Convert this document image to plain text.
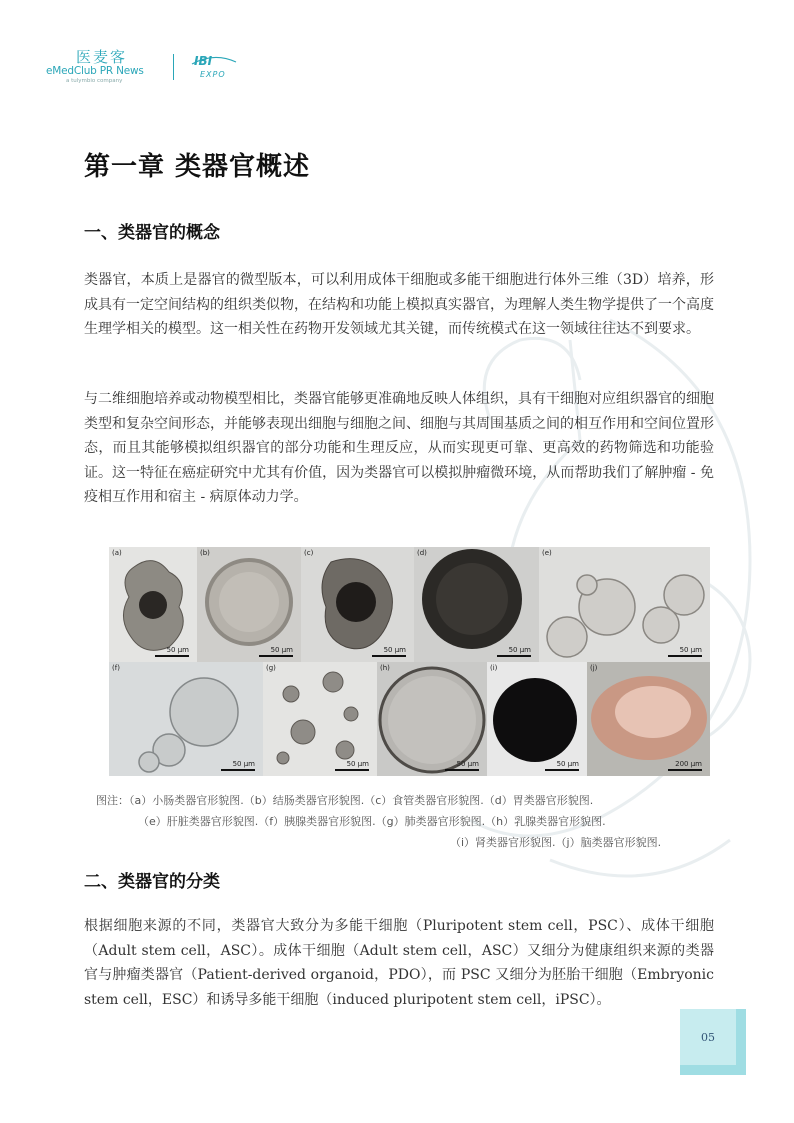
医麦客
eMedClub PR News
a tulymbio company
IBI
EXPO
第一章 类器官概述
一、类器官的概念

类器官，本质上是器官的微型版本，可以利用成体干细胞或多能干细胞进行体外三维（3D）培养，形成具有一定空间结构的组织类似物，在结构和功能上模拟真实器官，为理解人类生物学提供了一个高度生理学相关的模型。这一相关性在药物开发领域尤其关键，而传统模式在这一领域往往达不到要求。

与二维细胞培养或动物模型相比，类器官能够更准确地反映人体组织，具有干细胞对应组织器官的细胞类型和复杂空间形态，并能够表现出细胞与细胞之间、细胞与其周围基质之间的相互作用和空间位置形态，而且其能够模拟组织器官的部分功能和生理反应，从而实现更可靠、更高效的药物筛选和功能验证。这一特征在癌症研究中尤其有价值，因为类器官可以模拟肿瘤微环境，从而帮助我们了解肿瘤 - 免疫相互作用和宿主 - 病原体动力学。

(a)
50 μm
(b)
50 μm
(c)
50 μm
(d)
50 μm
(e)
50 μm
(f)
50 μm
(g)
50 μm
(h)
50 μm
(i)
50 μm
(j)
200 μm
图注：（a）小肠类器官形貌图.（b）结肠类器官形貌图.（c）食管类器官形貌图.（d）胃类器官形貌图.
（e）肝脏类器官形貌图.（f）胰腺类器官形貌图.（g）肺类器官形貌图.（h）乳腺类器官形貌图.
（i）肾类器官形貌图.（j）脑类器官形貌图.
二、类器官的分类

根据细胞来源的不同，类器官大致分为多能干细胞（Pluripotent stem cell，PSC）、成体干细胞（Adult stem cell，ASC）。成体干细胞（Adult stem cell，ASC）又细分为健康组织来源的类器官与肿瘤类器官（Patient-derived organoid，PDO），而 PSC 又细分为胚胎干细胞（Embryonic stem cell，ESC）和诱导多能干细胞（induced pluripotent stem cell，iPSC）。

05
